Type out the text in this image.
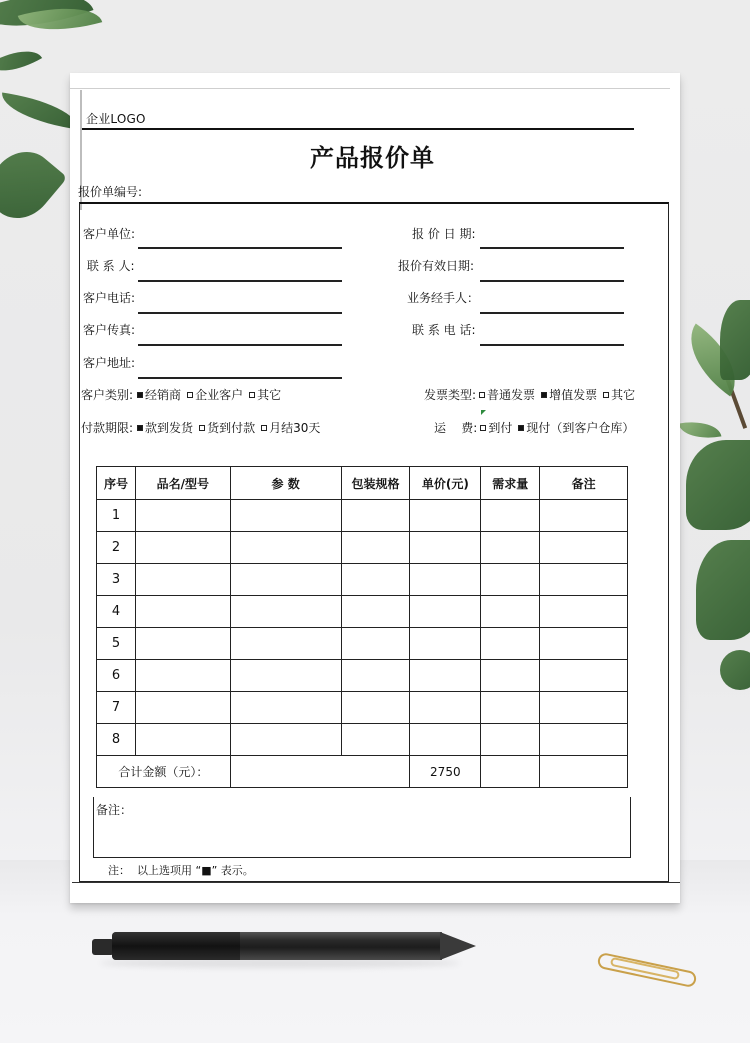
企业LOGO
产品报价单
报价单编号:
客户单位:
联 系 人:
客户电话:
客户传真:
客户地址:
报 价 日 期:
报价有效日期:
业务经手人：
联 系 电 话:
客户类别: 经销商 企业客户 其它
付款期限: 款到发货 货到付款 月结30天
发票类型: 普通发票 增值发票 其它
运    费: 到付 现付（到客户仓库）
序号	品名/型号	参 数	包装规格	单价(元)	需求量	备注
1						
2						
3						
4						
5						
6						
7						
8						
合计金额（元）：				2750		
备注：
注：  以上选项用 “■” 表示。
